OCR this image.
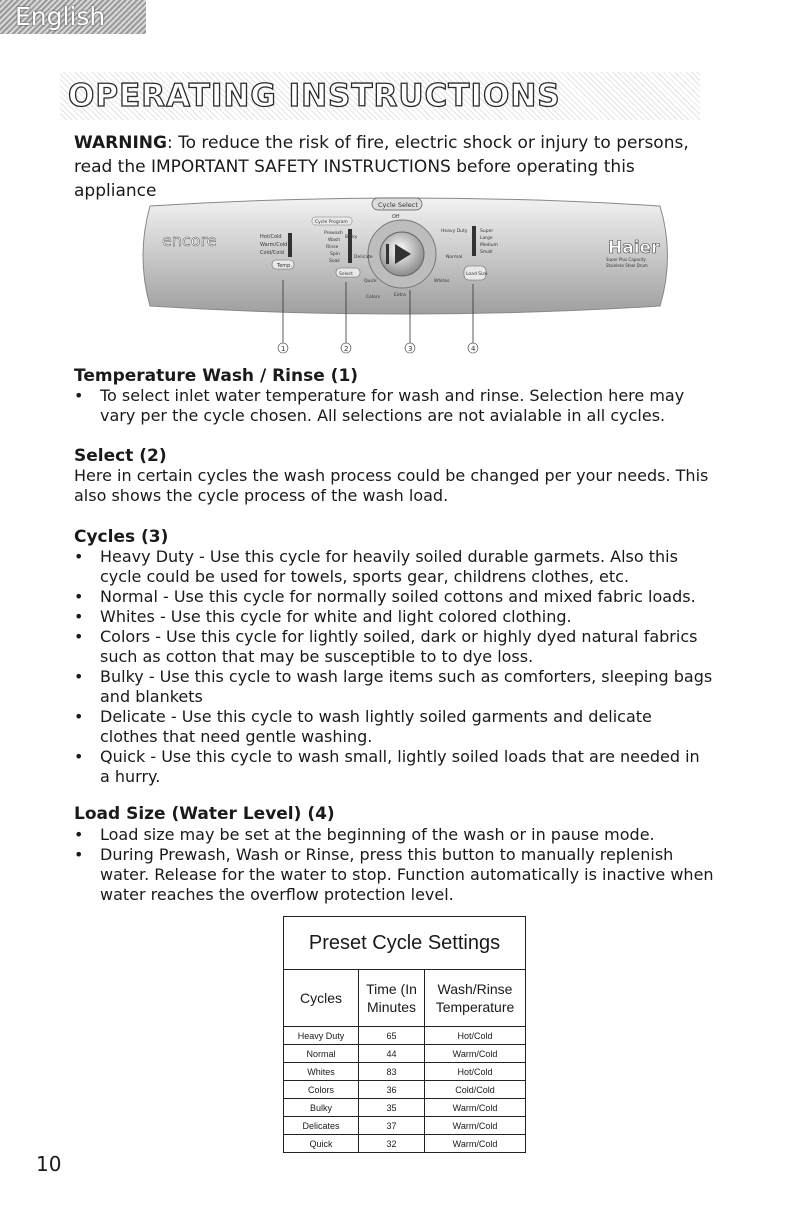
English
OPERATING INSTRUCTIONS
WARNING: To reduce the risk of fire, electric shock or injury to persons, read the IMPORTANT SAFETY INSTRUCTIONS before operating this appliance
encore	Hot/Cold
Warm/Cold
Cold/Cold
Temp.
Cycle Program
Prewash
Wash
Rinse
Spin
Soak
Select
Cycle Select
Off
Bulky
Delicate
Quick
Colors
Heavy Duty
Normal
Whites
Extra
Super
Large
Medium
Small
Load Size
Haier
Super Plus Capacity
Stainless Steel Drum
1	2	3	4
Temperature Wash / Rinse (1)
• To select inlet water temperature for wash and rinse. Selection here may vary per the cycle chosen. All selections are not avialable in all cycles.
Select (2)
Here in certain cycles the wash process could be changed per your needs. This also shows the cycle process of the wash load.
Cycles (3)
• Heavy Duty - Use this cycle for heavily soiled durable garmets. Also this cycle could be used for towels, sports gear, childrens clothes, etc.
• Normal - Use this cycle for normally soiled cottons and mixed fabric loads.
• Whites - Use this cycle for white and light colored clothing.
• Colors - Use this cycle for lightly soiled, dark or highly dyed natural fabrics such as cotton that may be susceptible to to dye loss.
• Bulky - Use this cycle to wash large items such as comforters, sleeping bags and blankets
• Delicate - Use this cycle to wash lightly soiled garments and delicate clothes that need gentle washing.
• Quick - Use this cycle to wash small, lightly soiled loads that are needed in a hurry.
Load Size (Water Level) (4)
• Load size may be set at the beginning of the wash or in pause mode.
• During Prewash, Wash or Rinse, press this button to manually replenish water. Release for the water to stop. Function automatically is inactive when water reaches the overflow protection level.
Preset Cycle Settings		
Cycles	Time (In Minutes	Wash/Rinse Temperature
Heavy Duty	65	Hot/Cold
Normal	44	Warm/Cold
Whites	83	Hot/Cold
Colors	36	Cold/Cold
Bulky	35	Warm/Cold
Delicates	37	Warm/Cold
Quick	32	Warm/Cold
10
